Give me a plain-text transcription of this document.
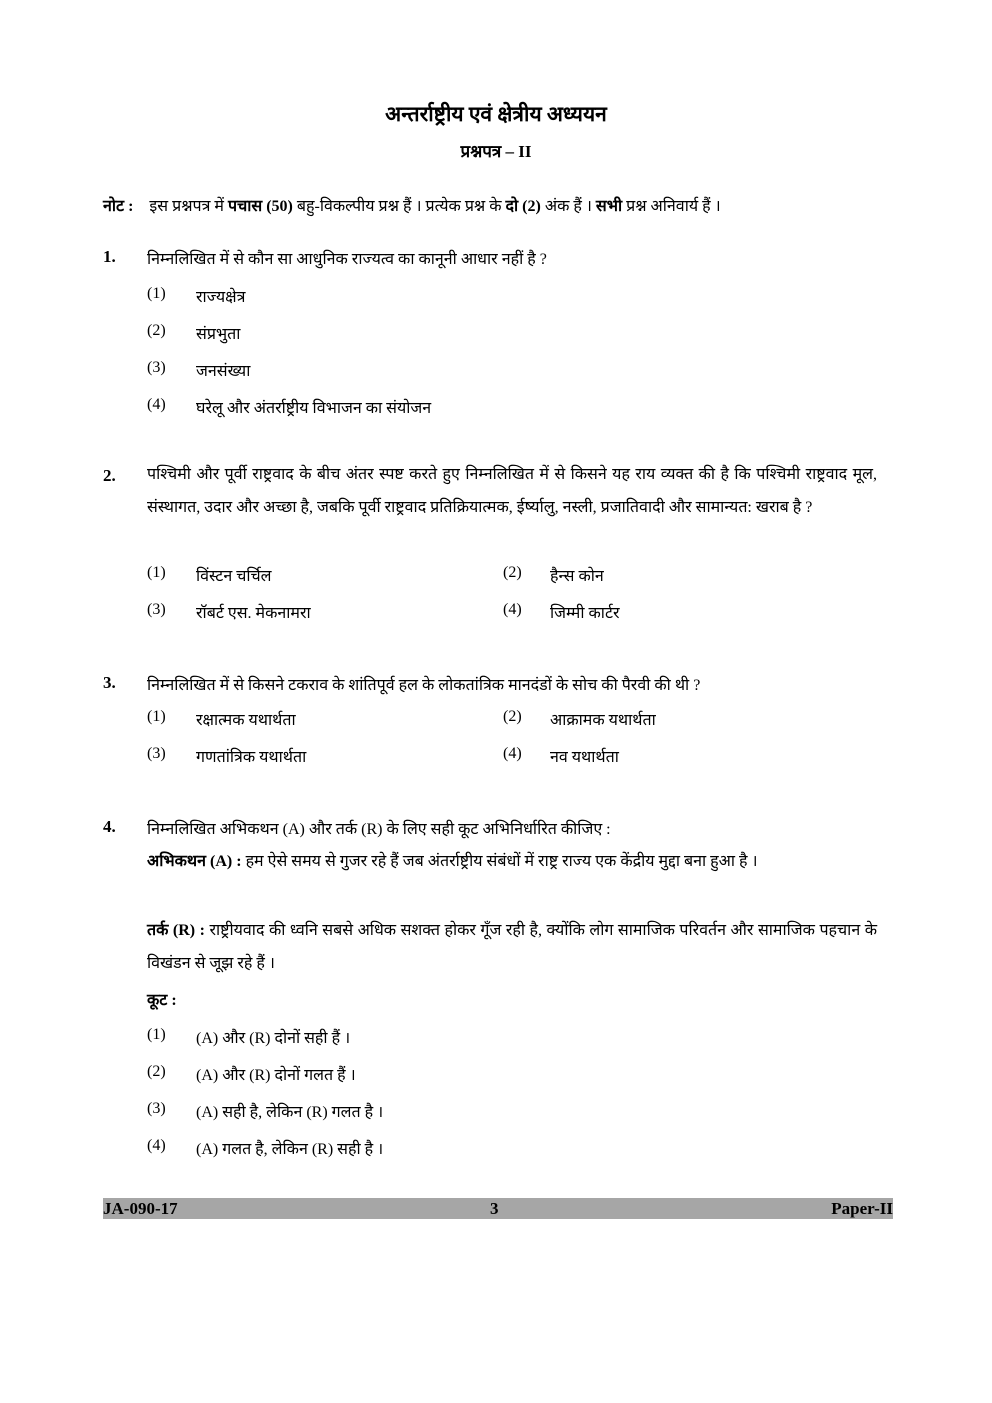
अन्तर्राष्ट्रीय एवं क्षेत्रीय अध्ययन
प्रश्नपत्र – II
नोट : इस प्रश्नपत्र में पचास (50) बहु-विकल्पीय प्रश्न हैं । प्रत्येक प्रश्न के दो (2) अंक हैं । सभी प्रश्न अनिवार्य हैं ।
1. निम्नलिखित में से कौन सा आधुनिक राज्यत्व का कानूनी आधार नहीं है ?
(1) राज्यक्षेत्र
(2) संप्रभुता
(3) जनसंख्या
(4) घरेलू और अंतर्राष्ट्रीय विभाजन का संयोजन
2. पश्चिमी और पूर्वी राष्ट्रवाद के बीच अंतर स्पष्ट करते हुए निम्नलिखित में से किसने यह राय व्यक्त की है कि पश्चिमी राष्ट्रवाद मूल, संस्थागत, उदार और अच्छा है, जबकि पूर्वी राष्ट्रवाद प्रतिक्रियात्मक, ईर्ष्यालु, नस्ली, प्रजातिवादी और सामान्यत: खराब है ?
(1) विंस्टन चर्चिल	(2) हैन्स कोन
(3) रॉबर्ट एस. मेकनामरा	(4) जिम्मी कार्टर
3. निम्नलिखित में से किसने टकराव के शांतिपूर्व हल के लोकतांत्रिक मानदंडों के सोच की पैरवी की थी ?
(1) रक्षात्मक यथार्थता	(2) आक्रामक यथार्थता
(3) गणतांत्रिक यथार्थता	(4) नव यथार्थता
4. निम्नलिखित अभिकथन (A) और तर्क (R) के लिए सही कूट अभिनिर्धारित कीजिए :
अभिकथन (A) : हम ऐसे समय से गुजर रहे हैं जब अंतर्राष्ट्रीय संबंधों में राष्ट्र राज्य एक केंद्रीय मुद्दा बना हुआ है ।
तर्क (R) : राष्ट्रीयवाद की ध्वनि सबसे अधिक सशक्त होकर गूँज रही है, क्योंकि लोग सामाजिक परिवर्तन और सामाजिक पहचान के विखंडन से जूझ रहे हैं ।
कूट :
(1) (A) और (R) दोनों सही हैं ।
(2) (A) और (R) दोनों गलत हैं ।
(3) (A) सही है, लेकिन (R) गलत है ।
(4) (A) गलत है, लेकिन (R) सही है ।
JA-090-17	3	Paper-II
